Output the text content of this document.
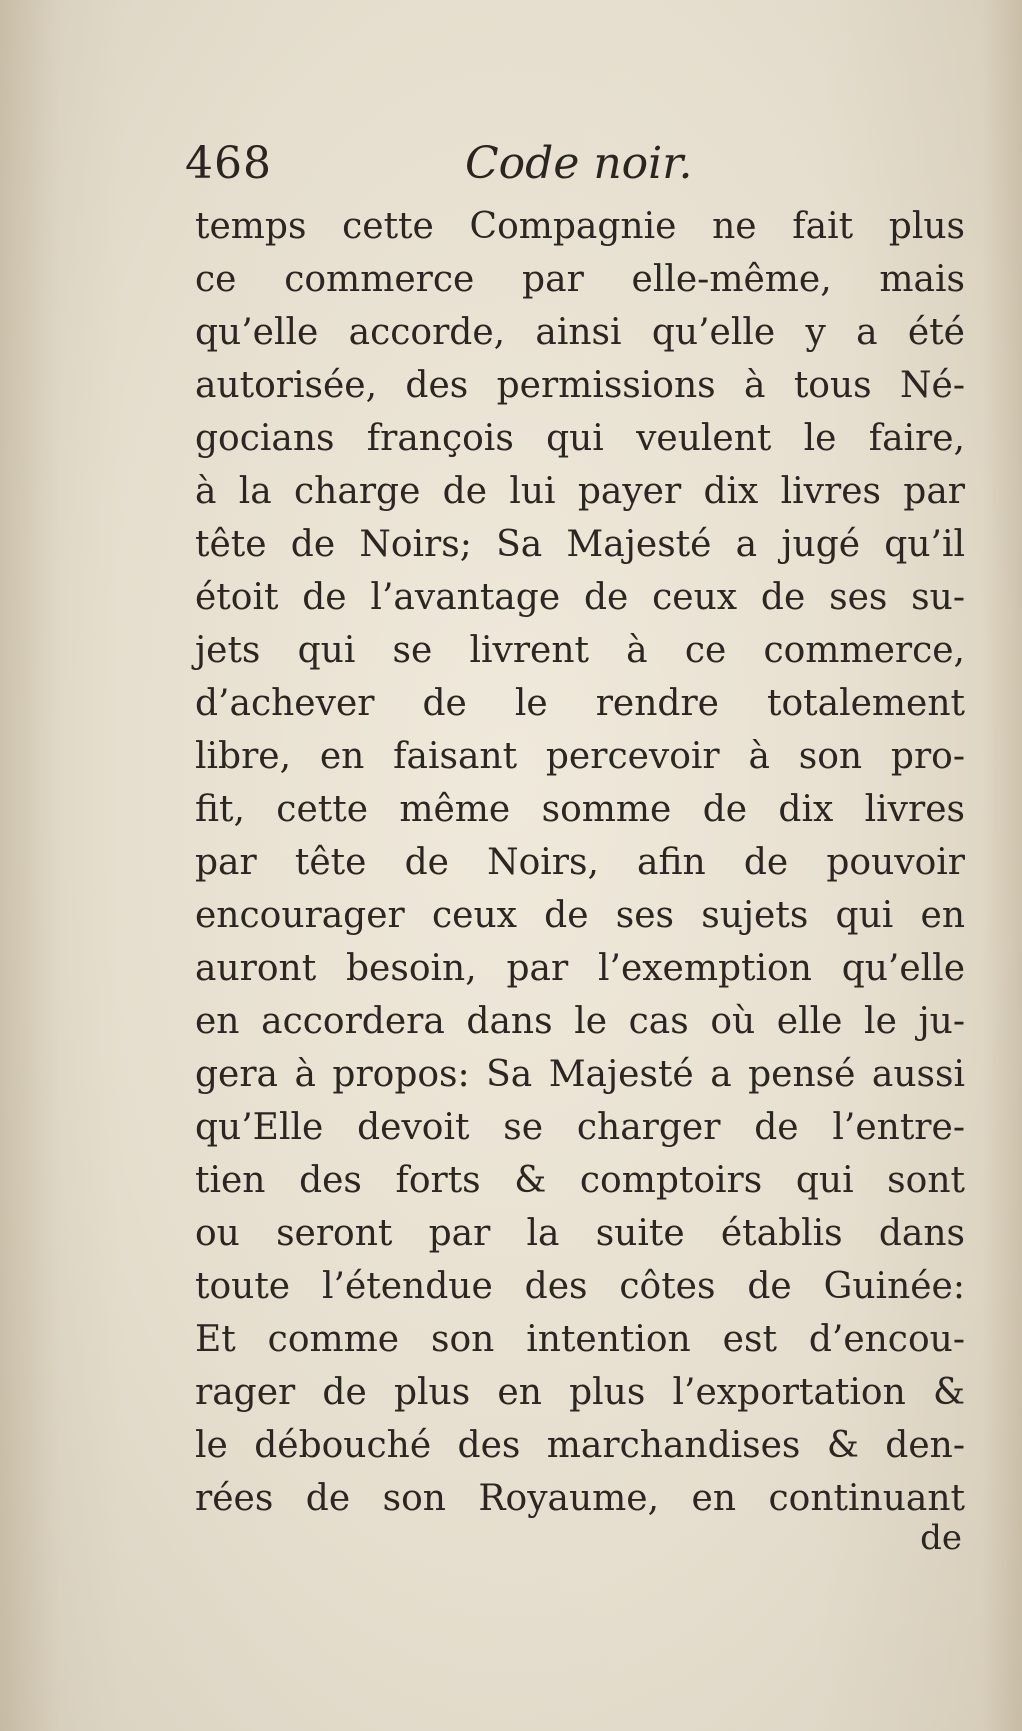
468	Code noir.
temps cette Compagnie ne fait plus
ce commerce par elle-même, mais
qu’elle accorde, ainsi qu’elle y a été
autorisée, des permissions à tous Né-
gocians françois qui veulent le faire,
à la charge de lui payer dix livres par
tête de Noirs; Sa Majesté a jugé qu’il
étoit de l’avantage de ceux de ses su-
jets qui se livrent à ce commerce,
d’achever de le rendre totalement
libre, en faisant percevoir à son pro-
fit, cette même somme de dix livres
par tête de Noirs, afin de pouvoir
encourager ceux de ses sujets qui en
auront besoin, par l’exemption qu’elle
en accordera dans le cas où elle le ju-
gera à propos: Sa Majesté a pensé aussi
qu’Elle devoit se charger de l’entre-
tien des forts & comptoirs qui sont
ou seront par la suite établis dans
toute l’étendue des côtes de Guinée:
Et comme son intention est d’encou-
rager de plus en plus l’exportation &
le débouché des marchandises & den-
rées de son Royaume, en continuant
de
